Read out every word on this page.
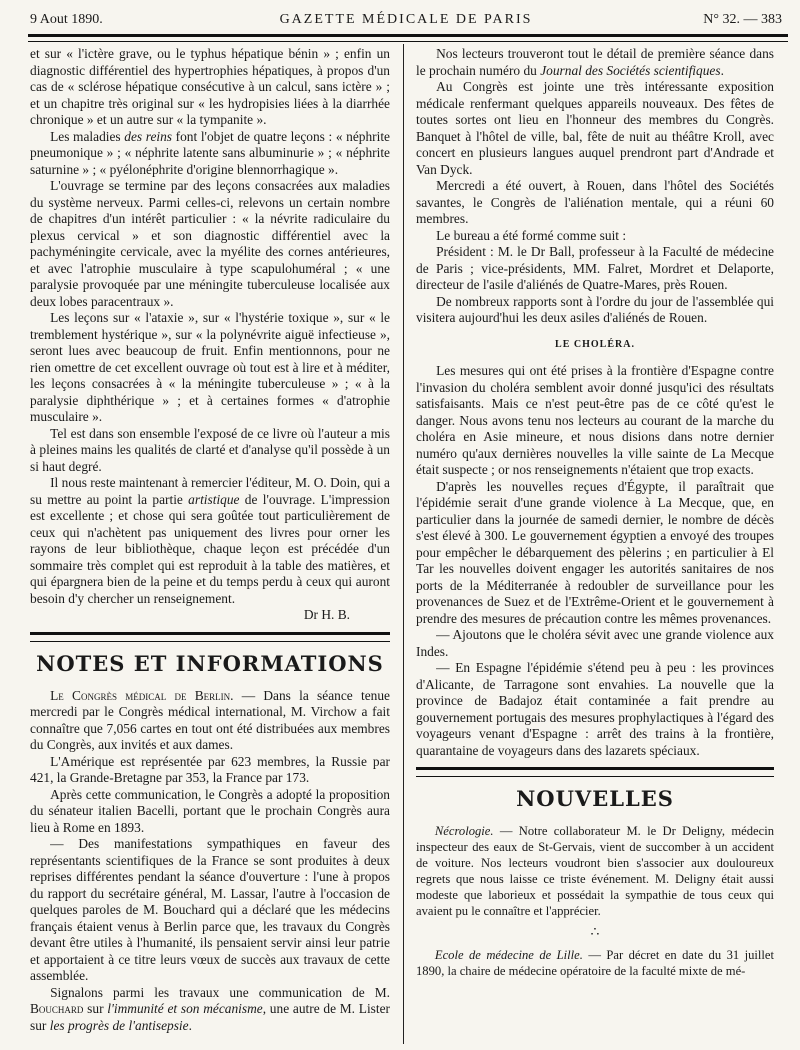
9 Aout 1890.	GAZETTE MÉDICALE DE PARIS	N° 32. — 383

et sur « l'ictère grave, ou le typhus hépatique bénin » ; enfin un diagnostic différentiel des hypertrophies hépatiques, à propos d'un cas de « sclérose hépatique consécutive à un calcul, sans ictère » ; et un chapitre très original sur « les hydropisies liées à la diarrhée chronique » et un autre sur « la tympanite ».

Les maladies des reins font l'objet de quatre leçons : « néphrite pneumonique » ; « néphrite latente sans albuminurie » ; « néphrite saturnine » ; « pyélonéphrite d'origine blennorrhagique ».

L'ouvrage se termine par des leçons consacrées aux maladies du système nerveux. Parmi celles-ci, relevons un certain nombre de chapitres d'un intérêt particulier : « la névrite radiculaire du plexus cervical » et son diagnostic différentiel avec la pachyméningite cervicale, avec la myélite des cornes antérieures, et avec l'atrophie musculaire à type scapulohuméral ; « une paralysie provoquée par une méningite tuberculeuse localisée aux deux lobes paracentraux ».

Les leçons sur « l'ataxie », sur « l'hystérie toxique », sur « le tremblement hystérique », sur « la polynévrite aiguë infectieuse », seront lues avec beaucoup de fruit. Enfin mentionnons, pour ne rien omettre de cet excellent ouvrage où tout est à lire et à méditer, les leçons consacrées à « la méningite tuberculeuse » ; « à la paralysie diphthérique » ; et à certaines formes « d'atrophie musculaire ».

Tel est dans son ensemble l'exposé de ce livre où l'auteur a mis à pleines mains les qualités de clarté et d'analyse qu'il possède à un si haut degré.

Il nous reste maintenant à remercier l'éditeur, M. O. Doin, qui a su mettre au point la partie artistique de l'ouvrage. L'impression est excellente ; et chose qui sera goûtée tout particulièrement de ceux qui n'achètent pas uniquement des livres pour orner les rayons de leur bibliothèque, chaque leçon est précédée d'un sommaire très complet qui est reproduit à la table des matières, et qui épargnera bien de la peine et du temps perdu à ceux qui auront besoin d'y chercher un renseignement.

Dr H. B.

NOTES ET INFORMATIONS

Le Congrès médical de Berlin. — Dans la séance tenue mercredi par le Congrès médical international, M. Virchow a fait connaître que 7,056 cartes en tout ont été distribuées aux membres du Congrès, aux invités et aux dames.

L'Amérique est représentée par 623 membres, la Russie par 421, la Grande-Bretagne par 353, la France par 173.

Après cette communication, le Congrès a adopté la proposition du sénateur italien Bacelli, portant que le prochain Congrès aura lieu à Rome en 1893.

— Des manifestations sympathiques en faveur des représentants scientifiques de la France se sont produites à deux reprises différentes pendant la séance d'ouverture : l'une à propos du rapport du secrétaire général, M. Lassar, l'autre à l'occasion de quelques paroles de M. Bouchard qui a déclaré que les médecins français étaient venus à Berlin parce que, les travaux du Congrès devant être utiles à l'humanité, ils pensaient servir ainsi leur patrie et apportaient à ce titre leurs vœux de succès aux travaux de cette assemblée.

Signalons parmi les travaux une communication de M. Bouchard sur l'immunité et son mécanisme, une autre de M. Lister sur les progrès de l'antisepsie.

Nos lecteurs trouveront tout le détail de première séance dans le prochain numéro du Journal des Sociétés scientifiques.

Au Congrès est jointe une très intéressante exposition médicale renfermant quelques appareils nouveaux. Des fêtes de toutes sortes ont lieu en l'honneur des membres du Congrès. Banquet à l'hôtel de ville, bal, fête de nuit au théâtre Kroll, avec concert en plusieurs langues auquel prendront part d'Andrade et Van Dyck.

Mercredi a été ouvert, à Rouen, dans l'hôtel des Sociétés savantes, le Congrès de l'aliénation mentale, qui a réuni 60 membres.

Le bureau a été formé comme suit :

Président : M. le Dr Ball, professeur à la Faculté de médecine de Paris ; vice-présidents, MM. Falret, Mordret et Delaporte, directeur de l'asile d'aliénés de Quatre-Mares, près Rouen.

De nombreux rapports sont à l'ordre du jour de l'assemblée qui visitera aujourd'hui les deux asiles d'aliénés de Rouen.

LE CHOLÉRA.

Les mesures qui ont été prises à la frontière d'Espagne contre l'invasion du choléra semblent avoir donné jusqu'ici des résultats satisfaisants. Mais ce n'est peut-être pas de ce côté qu'est le danger. Nous avons tenu nos lecteurs au courant de la marche du choléra en Asie mineure, et nous disions dans notre dernier numéro qu'aux dernières nouvelles la ville sainte de La Mecque était suspecte ; or nos renseignements n'étaient que trop exacts.

D'après les nouvelles reçues d'Égypte, il paraîtrait que l'épidémie serait d'une grande violence à La Mecque, que, en particulier dans la journée de samedi dernier, le nombre de décès s'est élevé à 300. Le gouvernement égyptien a envoyé des troupes pour empêcher le débarquement des pèlerins ; en particulier à El Tar les nouvelles doivent engager les autorités sanitaires de nos ports de la Méditerranée à redoubler de surveillance pour les provenances de Suez et de l'Extrême-Orient et le gouvernement à prendre des mesures de précaution contre les mêmes provenances.

— Ajoutons que le choléra sévit avec une grande violence aux Indes.

— En Espagne l'épidémie s'étend peu à peu : les provinces d'Alicante, de Tarragone sont envahies. La nouvelle que la province de Badajoz était contaminée a fait prendre au gouvernement portugais des mesures prophylactiques à l'égard des voyageurs venant d'Espagne : arrêt des trains à la frontière, quarantaine de voyageurs dans des lazarets spéciaux.

NOUVELLES

Nécrologie. — Notre collaborateur M. le Dr Deligny, médecin inspecteur des eaux de St-Gervais, vient de succomber à un accident de voiture. Nos lecteurs voudront bien s'associer aux douloureux regrets que nous laisse ce triste événement. M. Deligny était aussi modeste que laborieux et possédait la sympathie de tous ceux qui avaient pu le connaître et l'apprécier.

∴

Ecole de médecine de Lille. — Par décret en date du 31 juillet 1890, la chaire de médecine opératoire de la faculté mixte de mé-
